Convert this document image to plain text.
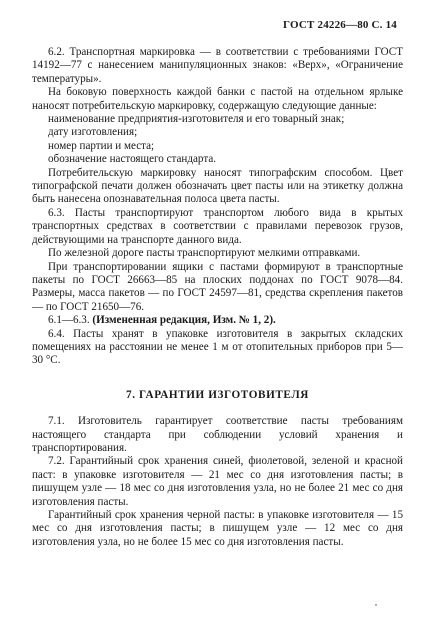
ГОСТ 24226—80 С. 14

6.2. Транспортная маркировка — в соответствии с требованиями ГОСТ 14192—77 с нанесением манипуляционных знаков: «Верх», «Ограничение температуры».

На боковую поверхность каждой банки с пастой на отдельном ярлыке наносят потребительскую маркировку, содержащую следующие данные:

наименование предприятия-изготовителя и его товарный знак;

дату изготовления;

номер партии и места;

обозначение настоящего стандарта.

Потребительскую маркировку наносят типографским способом. Цвет типографской печати должен обозначать цвет пасты или на этикетку должна быть нанесена опознавательная полоса цвета пасты.

6.3. Пасты транспортируют транспортом любого вида в крытых транспортных средствах в соответствии с правилами перевозок грузов, действующими на транспорте данного вида.

По железной дороге пасты транспортируют мелкими отправками.

При транспортировании ящики с пастами формируют в транспортные пакеты по ГОСТ 26663—85 на плоских поддонах по ГОСТ 9078—84. Размеры, масса пакетов — по ГОСТ 24597—81, средства скрепления пакетов — по ГОСТ 21650—76.

6.1—6.3. (Измененная редакция, Изм. № 1, 2).

6.4. Пасты хранят в упаковке изготовителя в закрытых складских помещениях на расстоянии не менее 1 м от отопительных приборов при 5—30 °С.

7. ГАРАНТИИ ИЗГОТОВИТЕЛЯ

7.1. Изготовитель гарантирует соответствие пасты требованиям настоящего стандарта при соблюдении условий хранения и транспортирования.

7.2. Гарантийный срок хранения синей, фиолетовой, зеленой и красной паст: в упаковке изготовителя — 21 мес со дня изготовления пасты; в пишущем узле — 18 мес со дня изготовления узла, но не более 21 мес со дня изготовления пасты.

Гарантийный срок хранения черной пасты: в упаковке изготовителя — 15 мес со дня изготовления пасты; в пишущем узле — 12 мес со дня изготовления узла, но не более 15 мес со дня изготовления пасты.
